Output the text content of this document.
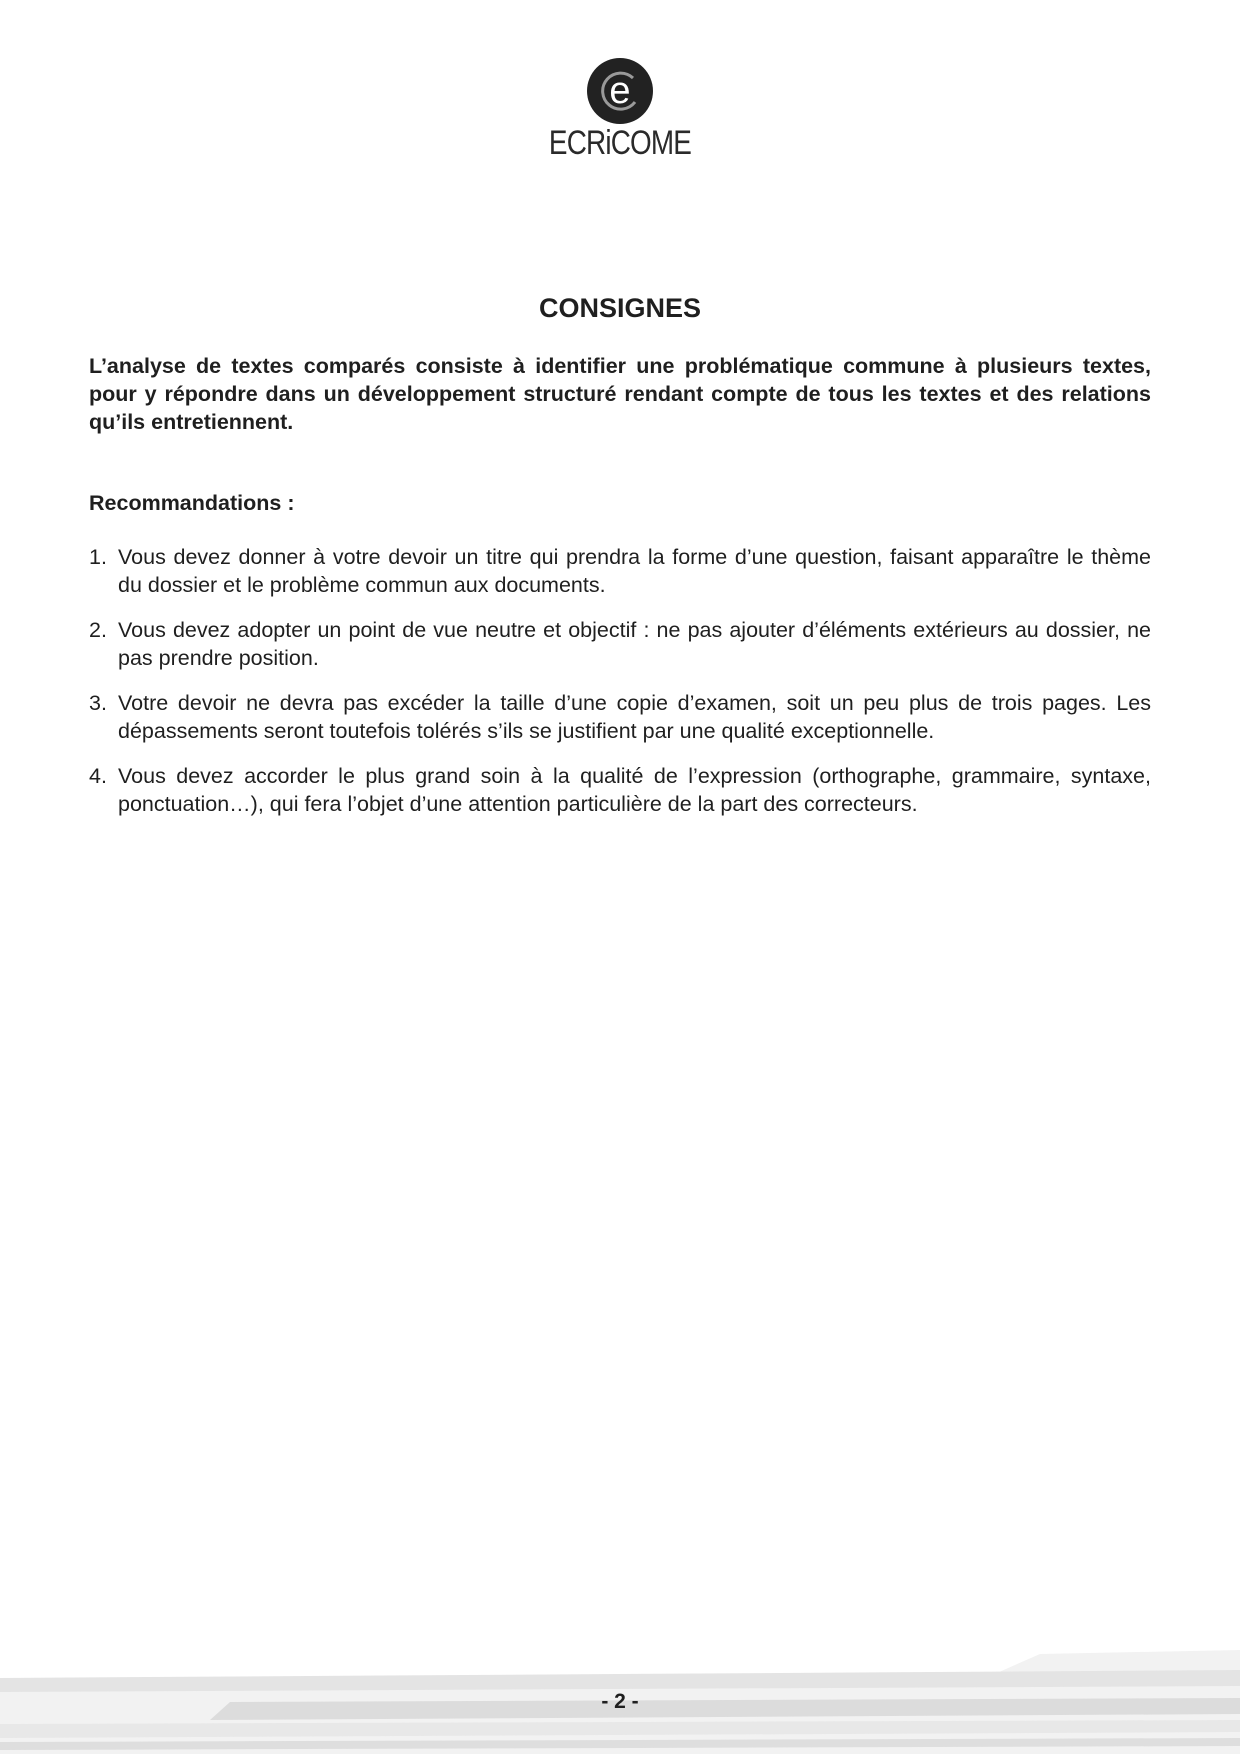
e
ECRiCOME
CONSIGNES

L’analyse de textes comparés consiste à identifier une problématique commune à plusieurs textes, pour y répondre dans un développement structuré rendant compte de tous les textes et des relations qu’ils entretiennent.

Recommandations :

1. Vous devez donner à votre devoir un titre qui prendra la forme d’une question, faisant apparaître le thème du dossier et le problème commun aux documents.
2. Vous devez adopter un point de vue neutre et objectif : ne pas ajouter d’éléments extérieurs au dossier, ne pas prendre position.
3. Votre devoir ne devra pas excéder la taille d’une copie d’examen, soit un peu plus de trois pages. Les dépassements seront toutefois tolérés s’ils se justifient par une qualité exceptionnelle.
4. Vous devez accorder le plus grand soin à la qualité de l’expression (orthographe, grammaire, syntaxe, ponctuation…), qui fera l’objet d’une attention particulière de la part des correcteurs.
- 2 -
